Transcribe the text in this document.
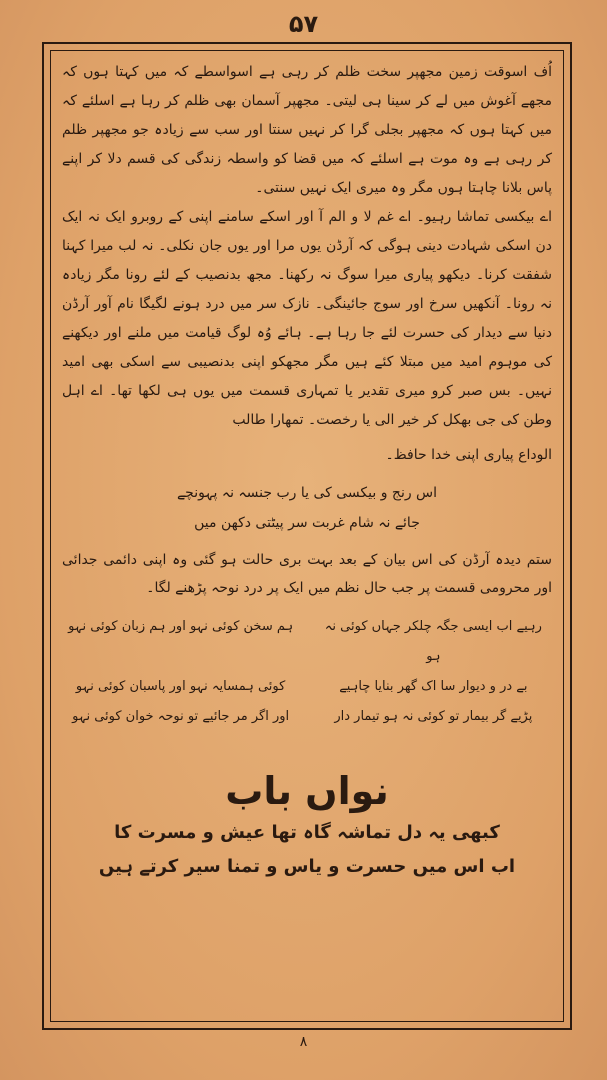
۵۷

اُف اسوقت زمین مجھپر سخت ظلم کر رہی ہے اسواسطے کہ میں کہتا ہوں کہ مجھے آغوش میں لے کر سینا ہی لیتی۔ مجھپر آسمان بھی ظلم کر رہا ہے اسلئے کہ میں کہتا ہوں کہ مجھپر بجلی گرا کر نہیں سنتا اور سب سے زیادہ جو مجھپر ظلم کر رہی ہے وہ موت ہے اسلئے کہ میں قضا کو واسطہ زندگی کی قسم دلا کر اپنے پاس بلانا چاہتا ہوں مگر وہ میری ایک نہیں سنتی۔

اے بیکسی تماشا رہیو۔ اے غم لا و الم آ اور اسکے سامنے اپنی کے روبرو ایک نہ ایک دن اسکی شہادت دینی ہوگی کہ آرڈن یوں مرا اور یوں جان نکلی۔ نہ لب میرا کہنا شفقت کرنا۔ دیکھو پیاری میرا سوگ نہ رکھنا۔ مجھ بدنصیب کے لئے رونا مگر زیادہ نہ رونا۔ آنکھیں سرخ اور سوج جائینگی۔ نازک سر میں درد ہونے لگیگا نام آور آرڈن دنیا سے دیدار کی حسرت لئے جا رہا ہے۔ ہائے وُہ لوگ قیامت میں ملنے اور دیکھنے کی موہوم امید میں مبتلا کئے ہیں مگر مجھکو اپنی بدنصیبی سے اسکی بھی امید نہیں۔ بس صبر کرو میری تقدیر یا تمہاری قسمت میں یوں ہی لکھا تھا۔ اے اہل وطن کی جی بھکل کر خیر الی یا رخصت۔ تمھارا طالب

الوداع پیاری اپنی خدا حافظ۔

اس رنج و بیکسی کی یا رب جنسہ نہ پہونچے
جائے نہ شام غربت سر پیٹتی دکھن میں

ستم دیدہ آرڈن کی اس بیان کے بعد بہت بری حالت ہو گئی وہ اپنی دائمی جدائی اور محرومی قسمت پر جب حال نظم میں ایک پر درد نوحہ پڑھنے لگا۔

رہیے اب ایسی جگہ چلکر جہاں کوئی نہ ہو
ہم سخن کوئی نہو اور ہم زبان کوئی نہو
بے در و دیوار سا اک گھر بنایا چاہیے
کوئی ہمسایہ نہو اور پاسبان کوئی نہو
پڑیے گر بیمار تو کوئی نہ ہو تیمار دار
اور اگر مر جائیے تو نوحہ خوان کوئی نہو
نواں باب
کبھی یہ دل تماشہ گاہ تھا عیش و مسرت کا
اب اس میں حسرت و یاس و تمنا سیر کرتے ہیں
۸
